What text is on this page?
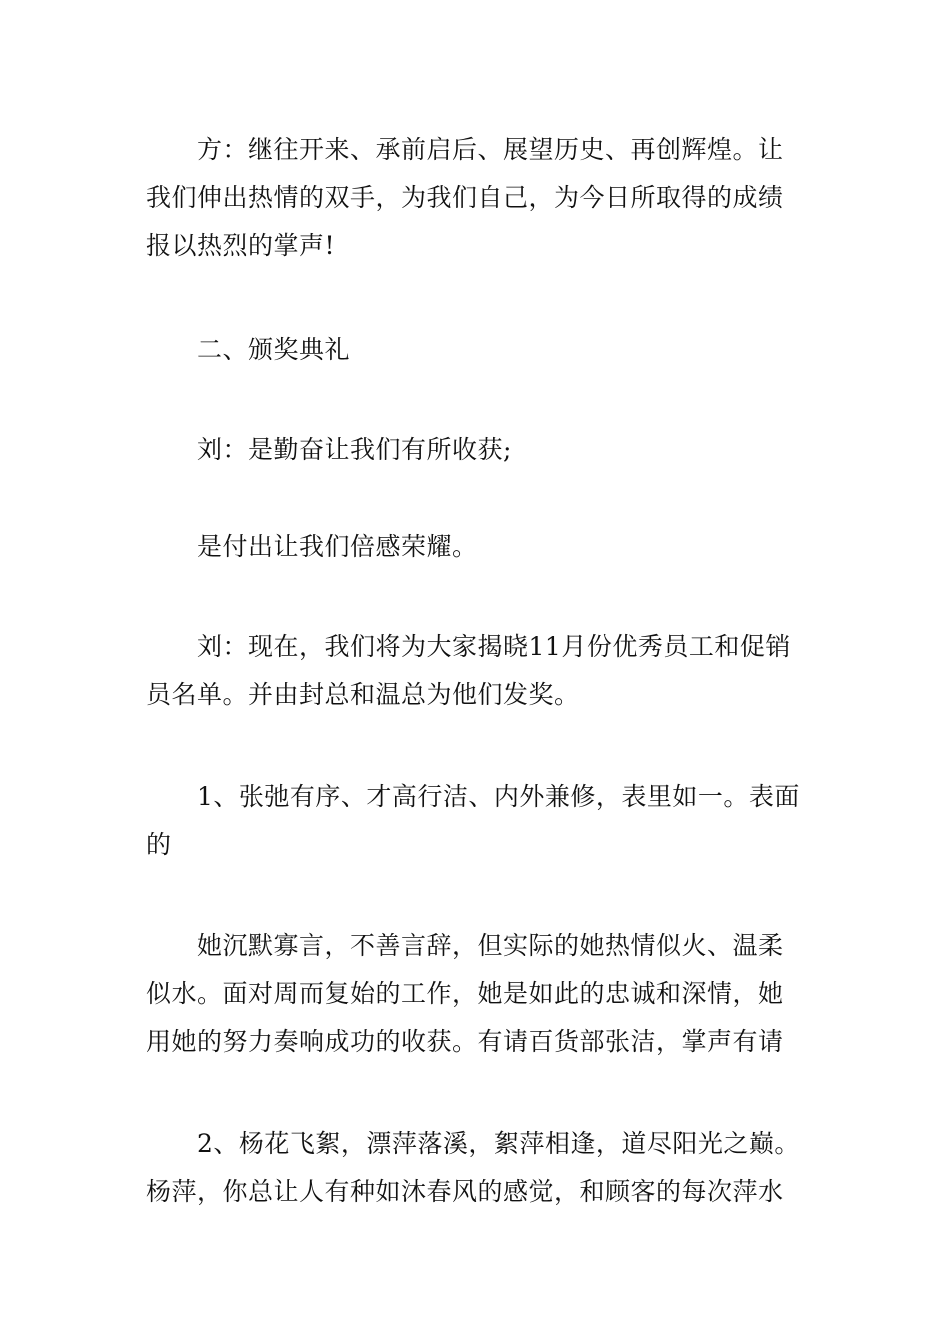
方：继往开来、承前启后、展望历史、再创辉煌。让我们伸出热情的双手，为我们自己，为今日所取得的成绩报以热烈的掌声!

二、颁奖典礼

刘：是勤奋让我们有所收获;

是付出让我们倍感荣耀。

刘：现在，我们将为大家揭晓11月份优秀员工和促销员名单。并由封总和温总为他们发奖。

1、张弛有序、才高行洁、内外兼修，表里如一。表面的

她沉默寡言，不善言辞，但实际的她热情似火、温柔似水。面对周而复始的工作，她是如此的忠诚和深情，她用她的努力奏响成功的收获。有请百货部张洁，掌声有请

2、杨花飞絮，漂萍落溪，絮萍相逢，道尽阳光之巅。杨萍，你总让人有种如沐春风的感觉，和顾客的每次萍水
